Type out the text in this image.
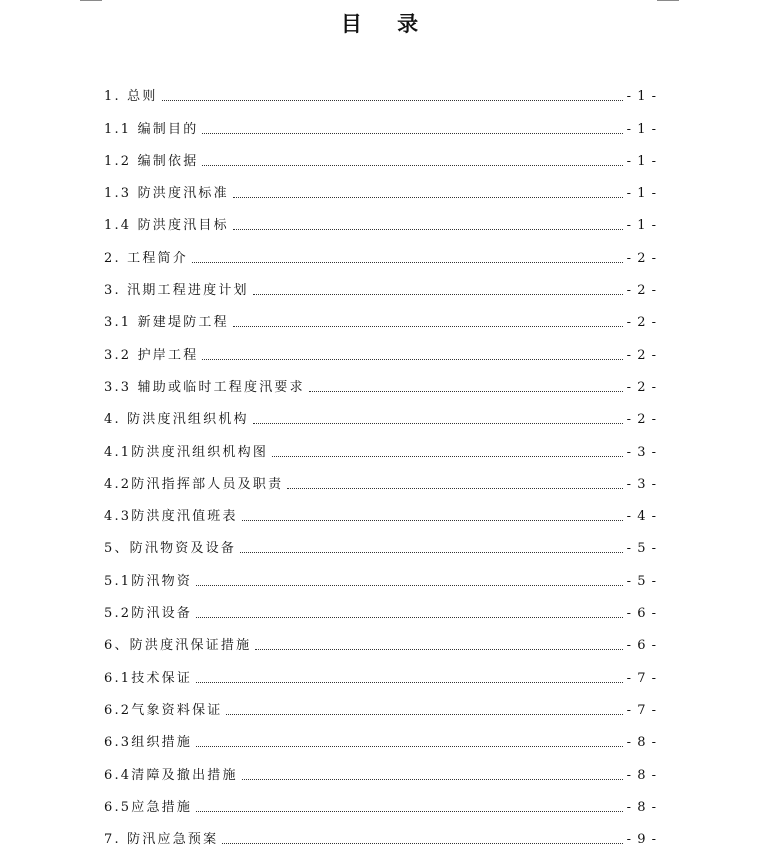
目 录
1. 总则	- 1 -
1.1 编制目的	- 1 -
1.2 编制依据	- 1 -
1.3 防洪度汛标准	- 1 -
1.4 防洪度汛目标	- 1 -
2. 工程简介	- 2 -
3. 汛期工程进度计划	- 2 -
3.1 新建堤防工程	- 2 -
3.2 护岸工程	- 2 -
3.3 辅助或临时工程度汛要求	- 2 -
4. 防洪度汛组织机构	- 2 -
4.1防洪度汛组织机构图	- 3 -
4.2防汛指挥部人员及职责	- 3 -
4.3防洪度汛值班表	- 4 -
5、防汛物资及设备	- 5 -
5.1防汛物资	- 5 -
5.2防汛设备	- 6 -
6、防洪度汛保证措施	- 6 -
6.1技术保证	- 7 -
6.2气象资料保证	- 7 -
6.3组织措施	- 8 -
6.4清障及撤出措施	- 8 -
6.5应急措施	- 8 -
7. 防汛应急预案	- 9 -
